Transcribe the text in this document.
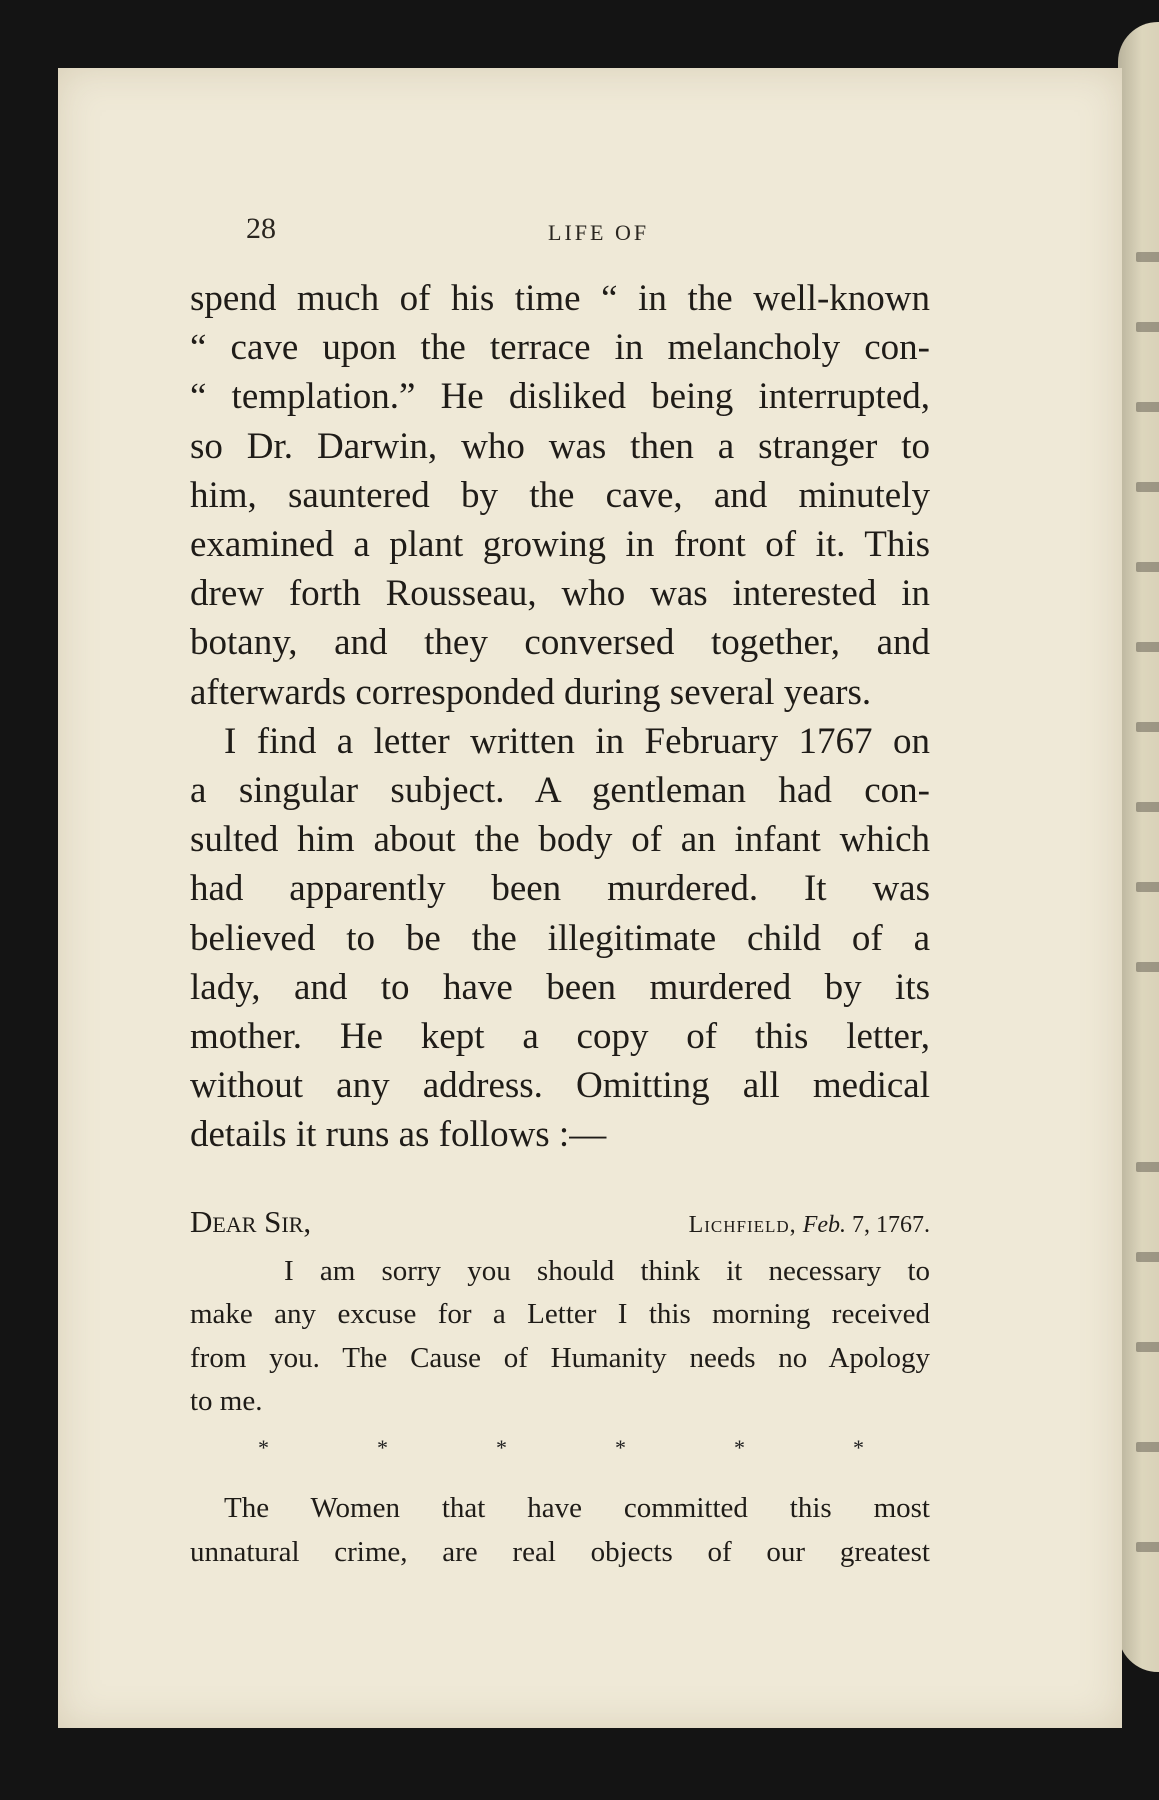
28	LIFE OF
spend much of his time “ in the well-known
“ cave upon the terrace in melancholy con-
“ templation.” He disliked being interrupted,
so Dr. Darwin, who was then a stranger to
him, sauntered by the cave, and minutely
examined a plant growing in front of it. This
drew forth Rousseau, who was interested in
botany, and they conversed together, and
afterwards corresponded during several years.
I find a letter written in February 1767 on
a singular subject. A gentleman had con-
sulted him about the body of an infant which
had apparently been murdered. It was
believed to be the illegitimate child of a
lady, and to have been murdered by its
mother. He kept a copy of this letter,
without any address. Omitting all medical
details it runs as follows :—
Dear Sir,	Lichfield, Feb. 7, 1767.
I am sorry you should think it necessary to
make any excuse for a Letter I this morning received
from you. The Cause of Humanity needs no Apology
to me.
*	*	*	*	*	*
The Women that have committed this most
unnatural crime, are real objects of our greatest
